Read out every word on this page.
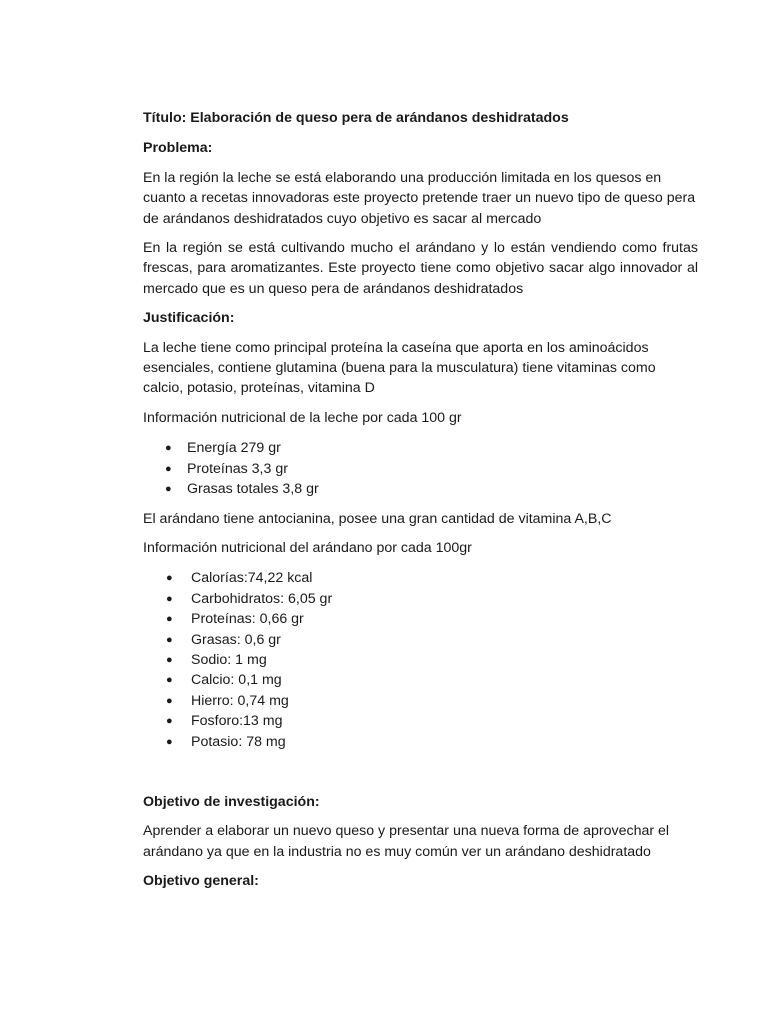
Título: Elaboración de queso pera de arándanos deshidratados

Problema:

En la región la leche se está elaborando una producción limitada en los quesos en cuanto a recetas innovadoras este proyecto pretende traer un nuevo tipo de queso pera de arándanos deshidratados cuyo objetivo es sacar al mercado

En la región se está cultivando mucho el arándano y lo están vendiendo como frutas frescas, para aromatizantes. Este proyecto tiene como objetivo sacar algo innovador al mercado que es un queso pera de arándanos deshidratados

Justificación:

La leche tiene como principal proteína la caseína que aporta en los aminoácidos esenciales, contiene glutamina (buena para la musculatura) tiene vitaminas como calcio, potasio, proteínas, vitamina D

Información nutricional de la leche por cada 100 gr

● Energía 279 gr
● Proteínas 3,3 gr
● Grasas totales 3,8 gr

El arándano tiene antocianina, posee una gran cantidad de vitamina A,B,C

Información nutricional del arándano por cada 100gr

● Calorías:74,22 kcal
● Carbohidratos: 6,05 gr
● Proteínas: 0,66 gr
● Grasas: 0,6 gr
● Sodio: 1 mg
● Calcio: 0,1 mg
● Hierro: 0,74 mg
● Fosforo:13 mg
● Potasio: 78 mg

Objetivo de investigación:

Aprender a elaborar un nuevo queso y presentar una nueva forma de aprovechar el arándano ya que en la industria no es muy común ver un arándano deshidratado

Objetivo general:
